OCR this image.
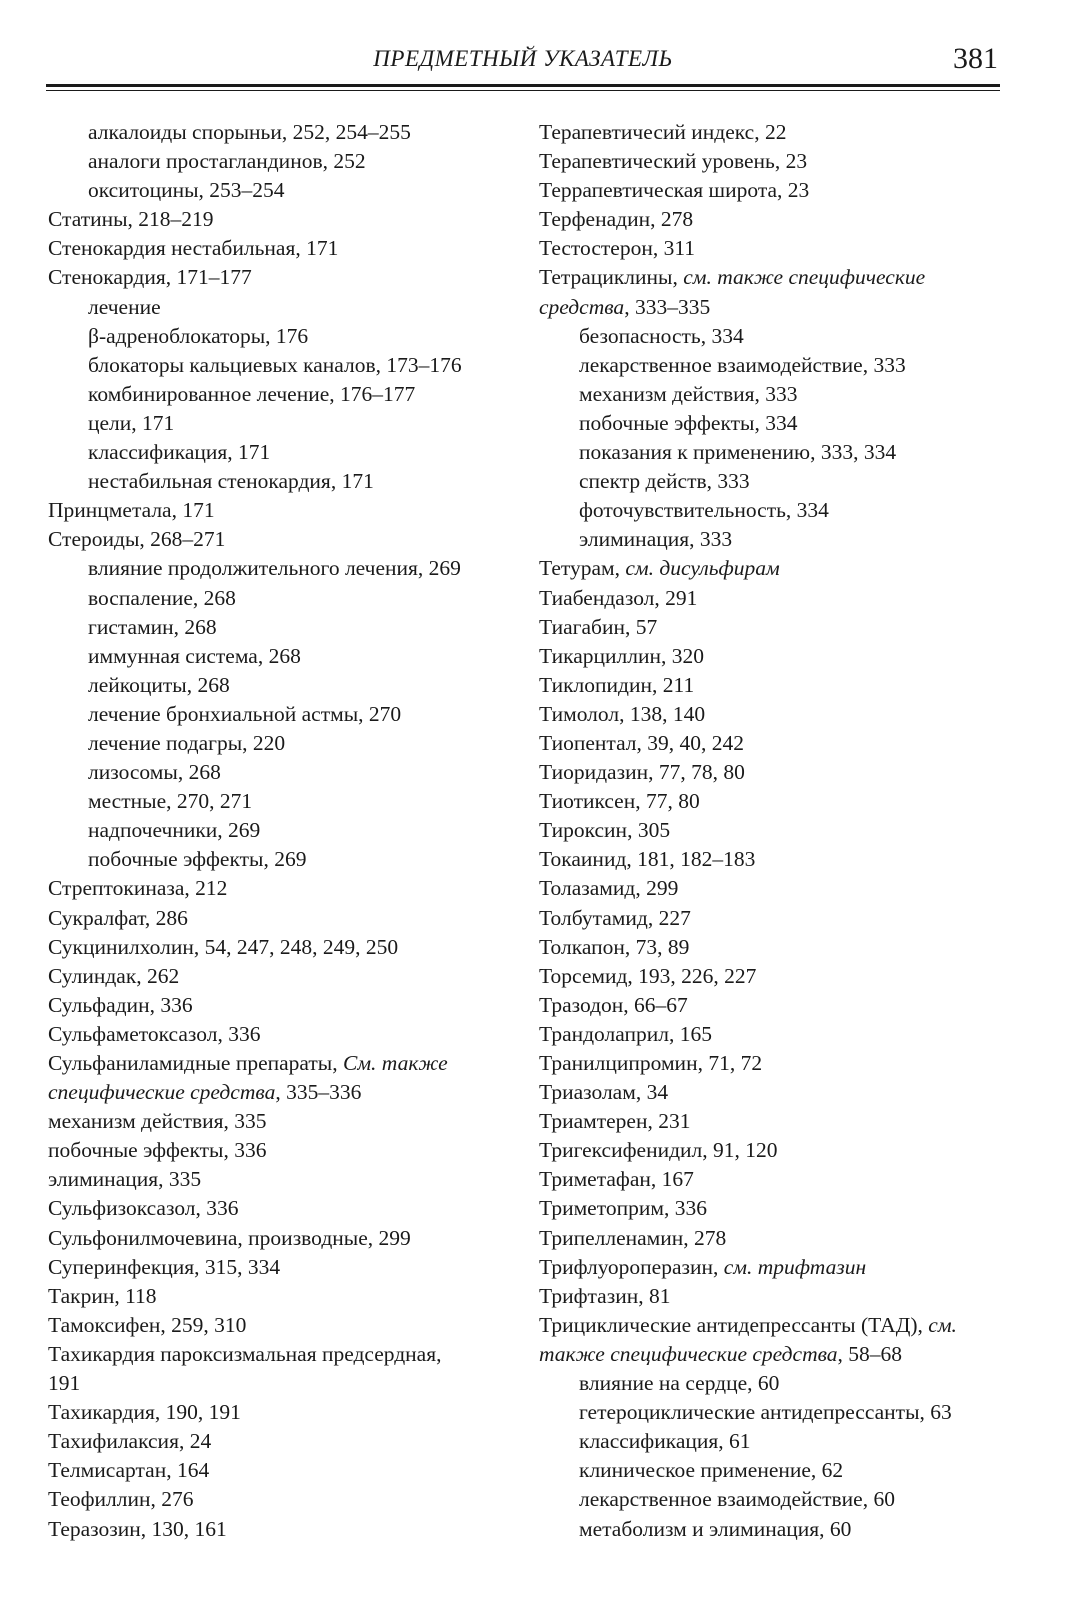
ПРЕДМЕТНЫЙ УКАЗАТЕЛЬ	381
алкалоиды спорыньи, 252, 254–255
аналоги простагландинов, 252
окситоцины, 253–254
Статины, 218–219
Стенокардия нестабильная, 171
Стенокардия, 171–177
лечение
β-адреноблокаторы, 176
блокаторы кальциевых каналов, 173–176
комбинированное лечение, 176–177
цели, 171
классификация, 171
нестабильная стенокардия, 171
Принцметала, 171
Стероиды, 268–271
влияние продолжительного лечения, 269
воспаление, 268
гистамин, 268
иммунная система, 268
лейкоциты, 268
лечение бронхиальной астмы, 270
лечение подагры, 220
лизосомы, 268
местные, 270, 271
надпочечники, 269
побочные эффекты, 269
Стрептокиназа, 212
Сукралфат, 286
Сукцинилхолин, 54, 247, 248, 249, 250
Сулиндак, 262
Сульфадин, 336
Сульфаметоксазол, 336
Сульфаниламидные препараты, См. также
специфические средства, 335–336
механизм действия, 335
побочные эффекты, 336
элиминация, 335
Сульфизоксазол, 336
Сульфонилмочевина, производные, 299
Суперинфекция, 315, 334
Такрин, 118
Тамоксифен, 259, 310
Тахикардия пароксизмальная предсердная,
191
Тахикардия, 190, 191
Тахифилаксия, 24
Телмисартан, 164
Теофиллин, 276
Теразозин, 130, 161
Терапевтичесий индекс, 22
Терапевтический уровень, 23
Террапевтическая широта, 23
Терфенадин, 278
Тестостерон, 311
Тетрациклины, см. также специфические
средства, 333–335
безопасность, 334
лекарственное взаимодействие, 333
механизм действия, 333
побочные эффекты, 334
показания к применению, 333, 334
спектр действ, 333
фоточувствительность, 334
элиминация, 333
Тетурам, см. дисульфирам
Тиабендазол, 291
Тиагабин, 57
Тикарциллин, 320
Тиклопидин, 211
Тимолол, 138, 140
Тиопентал, 39, 40, 242
Тиоридазин, 77, 78, 80
Тиотиксен, 77, 80
Тироксин, 305
Токаинид, 181, 182–183
Толазамид, 299
Толбутамид, 227
Толкапон, 73, 89
Торсемид, 193, 226, 227
Тразодон, 66–67
Трандолаприл, 165
Транилципромин, 71, 72
Триазолам, 34
Триамтерен, 231
Тригексифенидил, 91, 120
Триметафан, 167
Триметоприм, 336
Трипелленамин, 278
Трифлуороперазин, см. трифтазин
Трифтазин, 81
Трициклические антидепрессанты (ТАД), см.
также специфические средства, 58–68
влияние на сердце, 60
гетероциклические антидепрессанты, 63
классификация, 61
клиническое применение, 62
лекарственное взаимодействие, 60
метаболизм и элиминация, 60
